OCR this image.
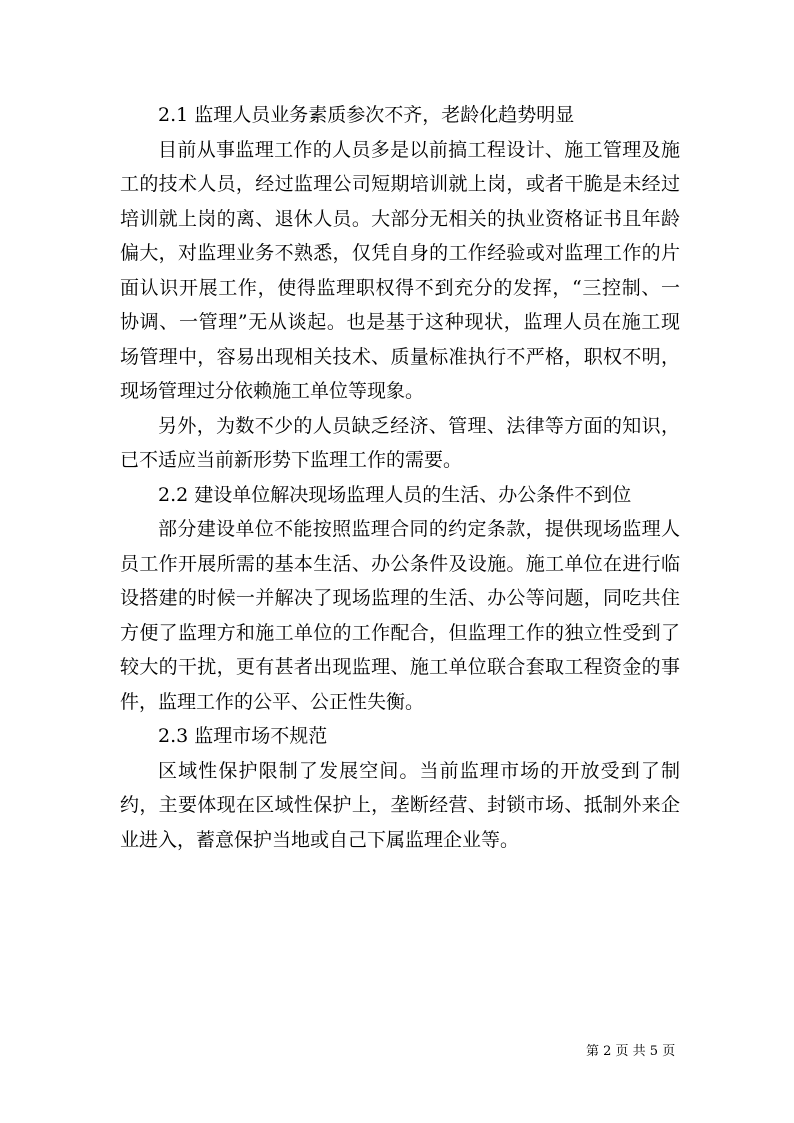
2.1 监理人员业务素质参次不齐，老龄化趋势明显

目前从事监理工作的人员多是以前搞工程设计、施工管理及施工的技术人员，经过监理公司短期培训就上岗，或者干脆是未经过培训就上岗的离、退休人员。大部分无相关的执业资格证书且年龄偏大，对监理业务不熟悉，仅凭自身的工作经验或对监理工作的片面认识开展工作，使得监理职权得不到充分的发挥，“三控制、一协调、一管理”无从谈起。也是基于这种现状，监理人员在施工现场管理中，容易出现相关技术、质量标准执行不严格，职权不明，现场管理过分依赖施工单位等现象。

另外，为数不少的人员缺乏经济、管理、法律等方面的知识，已不适应当前新形势下监理工作的需要。

2.2 建设单位解决现场监理人员的生活、办公条件不到位

部分建设单位不能按照监理合同的约定条款，提供现场监理人员工作开展所需的基本生活、办公条件及设施。施工单位在进行临设搭建的时候一并解决了现场监理的生活、办公等问题，同吃共住方便了监理方和施工单位的工作配合，但监理工作的独立性受到了较大的干扰，更有甚者出现监理、施工单位联合套取工程资金的事件，监理工作的公平、公正性失衡。

2.3 监理市场不规范

区域性保护限制了发展空间。当前监理市场的开放受到了制约，主要体现在区域性保护上，垄断经营、封锁市场、抵制外来企业进入，蓄意保护当地或自己下属监理企业等。

第 2 页 共 5 页
